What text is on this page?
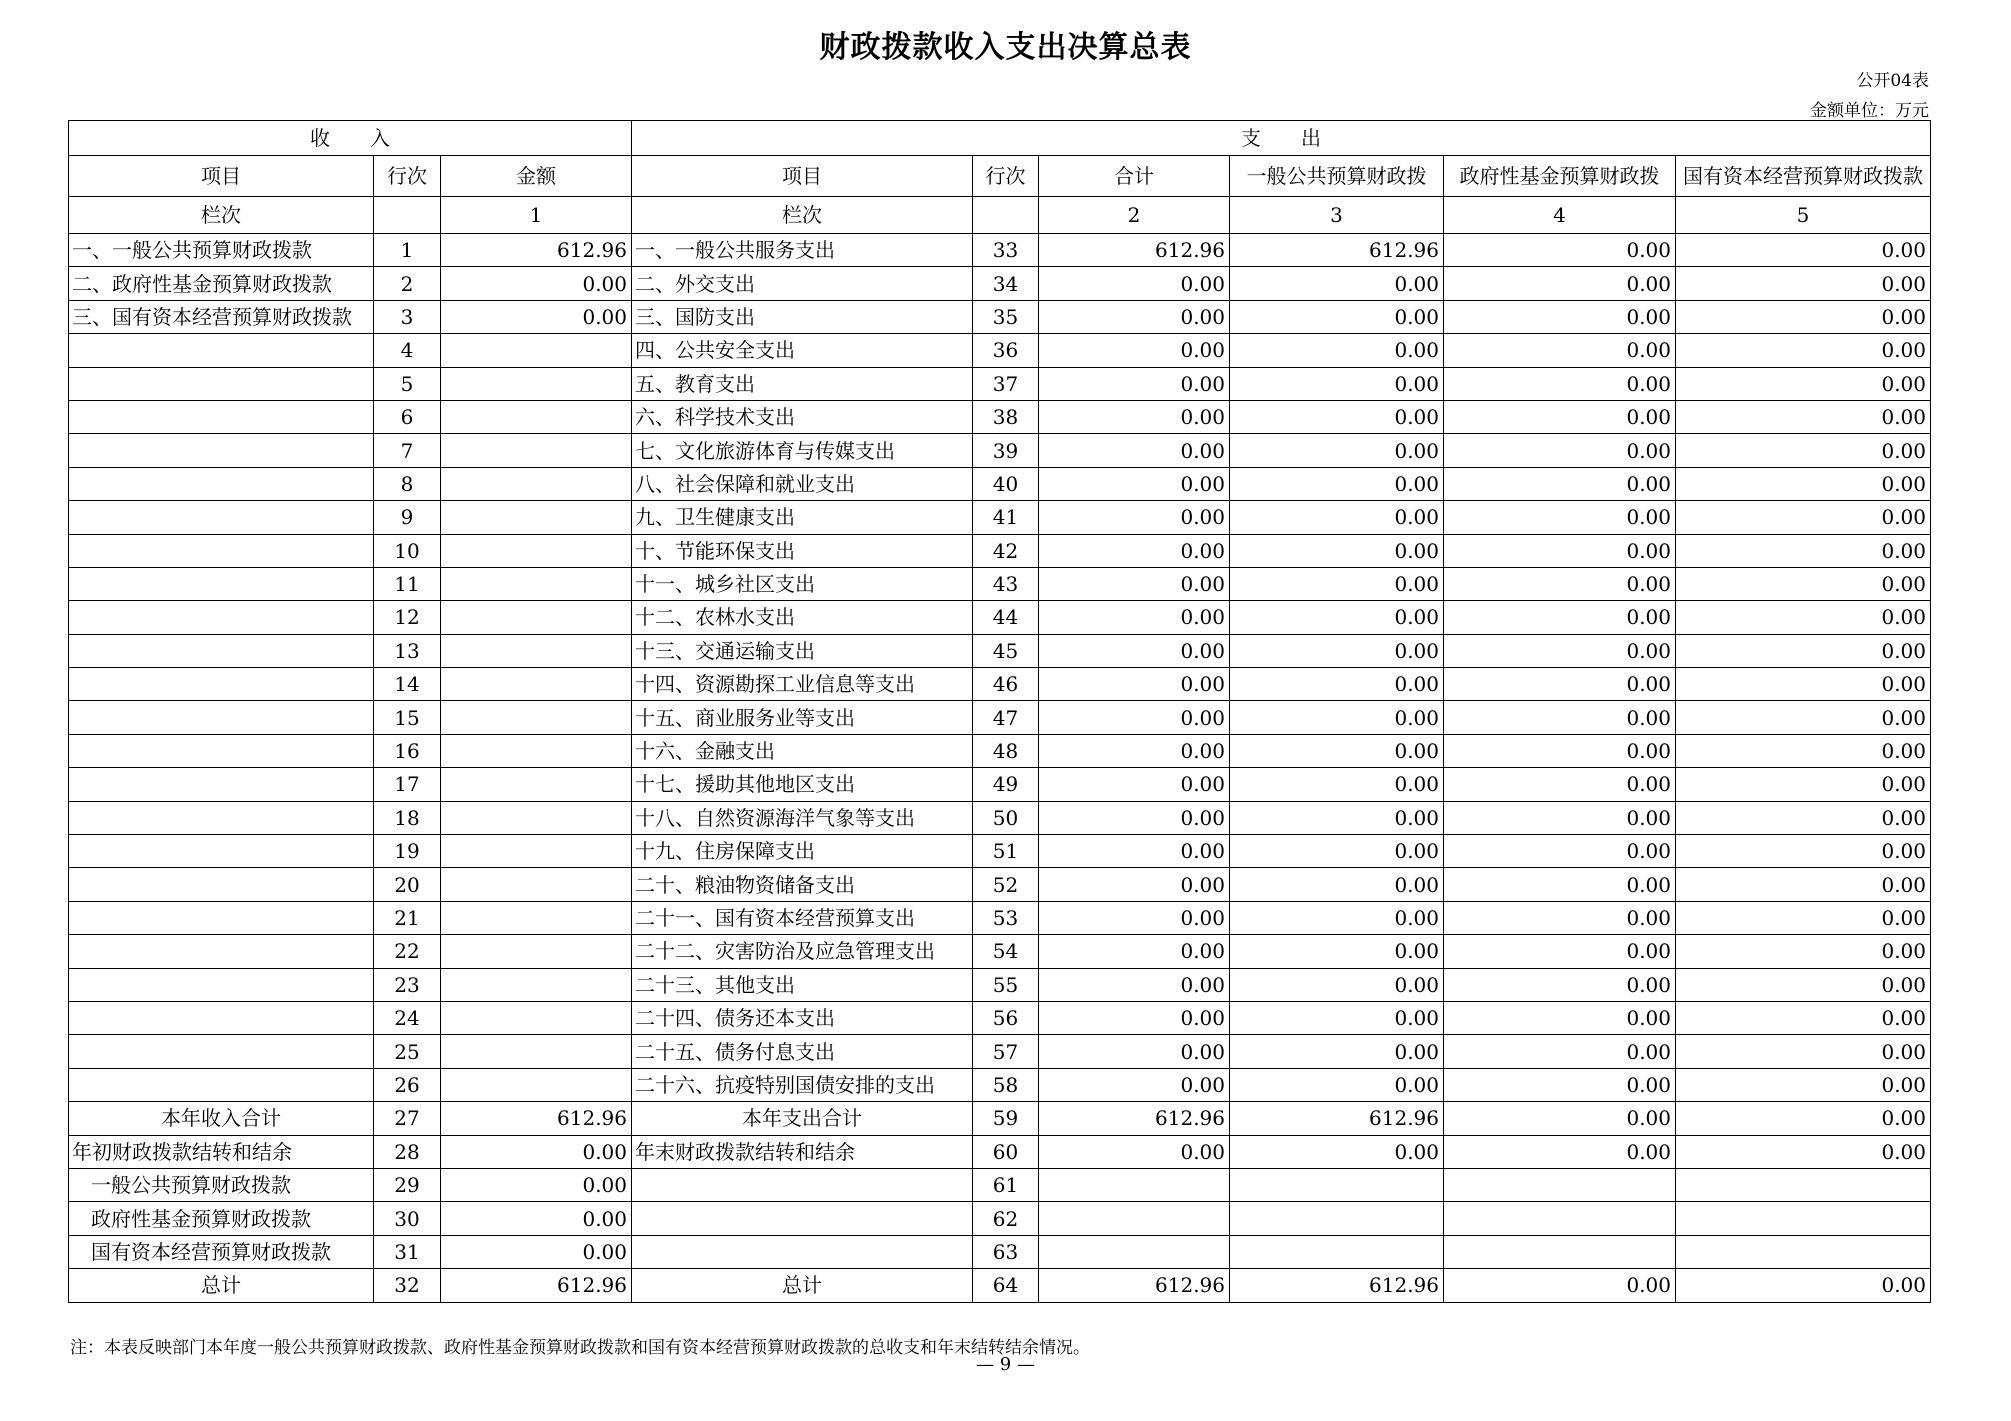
财政拨款收入支出决算总表
公开04表
金额单位：万元
收　　入			支　　出					
项目	行次	金额	项目	行次	合计	一般公共预算财政拨	政府性基金预算财政拨	国有资本经营预算财政拨款
栏次		1	栏次		2	3	4	5
一、一般公共预算财政拨款	1	612.96	一、一般公共服务支出	33	612.96	612.96	0.00	0.00
二、政府性基金预算财政拨款	2	0.00	二、外交支出	34	0.00	0.00	0.00	0.00
三、国有资本经营预算财政拨款	3	0.00	三、国防支出	35	0.00	0.00	0.00	0.00
	4		四、公共安全支出	36	0.00	0.00	0.00	0.00
	5		五、教育支出	37	0.00	0.00	0.00	0.00
	6		六、科学技术支出	38	0.00	0.00	0.00	0.00
	7		七、文化旅游体育与传媒支出	39	0.00	0.00	0.00	0.00
	8		八、社会保障和就业支出	40	0.00	0.00	0.00	0.00
	9		九、卫生健康支出	41	0.00	0.00	0.00	0.00
	10		十、节能环保支出	42	0.00	0.00	0.00	0.00
	11		十一、城乡社区支出	43	0.00	0.00	0.00	0.00
	12		十二、农林水支出	44	0.00	0.00	0.00	0.00
	13		十三、交通运输支出	45	0.00	0.00	0.00	0.00
	14		十四、资源勘探工业信息等支出	46	0.00	0.00	0.00	0.00
	15		十五、商业服务业等支出	47	0.00	0.00	0.00	0.00
	16		十六、金融支出	48	0.00	0.00	0.00	0.00
	17		十七、援助其他地区支出	49	0.00	0.00	0.00	0.00
	18		十八、自然资源海洋气象等支出	50	0.00	0.00	0.00	0.00
	19		十九、住房保障支出	51	0.00	0.00	0.00	0.00
	20		二十、粮油物资储备支出	52	0.00	0.00	0.00	0.00
	21		二十一、国有资本经营预算支出	53	0.00	0.00	0.00	0.00
	22		二十二、灾害防治及应急管理支出	54	0.00	0.00	0.00	0.00
	23		二十三、其他支出	55	0.00	0.00	0.00	0.00
	24		二十四、债务还本支出	56	0.00	0.00	0.00	0.00
	25		二十五、债务付息支出	57	0.00	0.00	0.00	0.00
	26		二十六、抗疫特别国债安排的支出	58	0.00	0.00	0.00	0.00
本年收入合计	27	612.96	本年支出合计	59	612.96	612.96	0.00	0.00
年初财政拨款结转和结余	28	0.00	年末财政拨款结转和结余	60	0.00	0.00	0.00	0.00
一般公共预算财政拨款	29	0.00		61				
政府性基金预算财政拨款	30	0.00		62				
国有资本经营预算财政拨款	31	0.00		63				
总计	32	612.96	总计	64	612.96	612.96	0.00	0.00
注：本表反映部门本年度一般公共预算财政拨款、政府性基金预算财政拨款和国有资本经营预算财政拨款的总收支和年末结转结余情况。
— 9 —
